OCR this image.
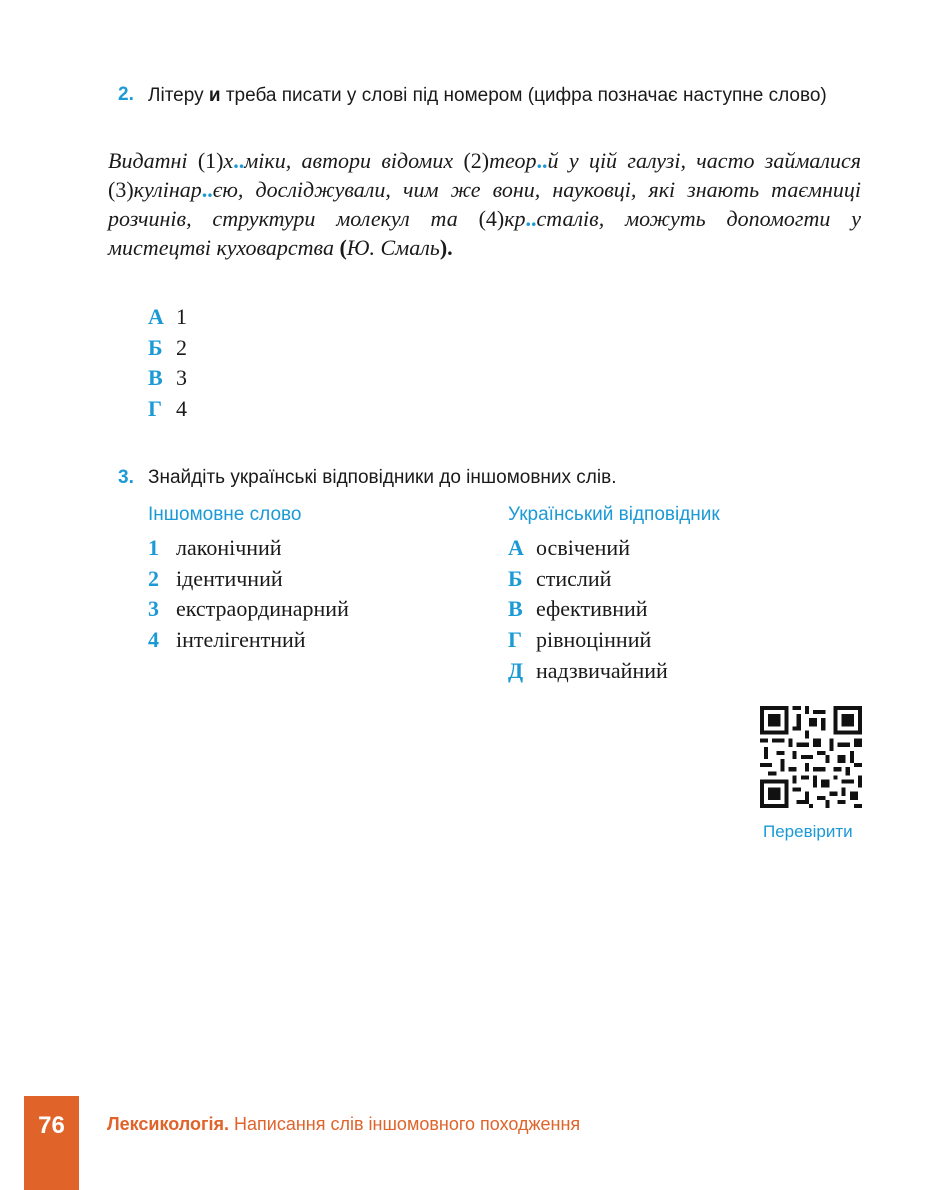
2. Літеру и треба писати у слові під номером (цифра позначає наступне слово)
Видатні (1)х..міки, автори відомих (2)теор..й у цій галузі, часто займалися (3)кулінар..єю, досліджували, чим же вони, науковці, які знають таємниці розчинів, структури молекул та (4)кр..сталів, можуть допомогти у мистецтві куховарства (Ю. Смаль).
А 1
Б 2
В 3
Г 4
3. Знайдіть українські відповідники до іншомовних слів.
Іншомовне слово	Український відповідник
1 лаконічний
2 ідентичний
3 екстраординарний
4 інтелігентний
А освічений
Б стислий
В ефективний
Г рівноцінний
Д надзвичайний
Перевірити
76	Лексикологія. Написання слів іншомовного походження
